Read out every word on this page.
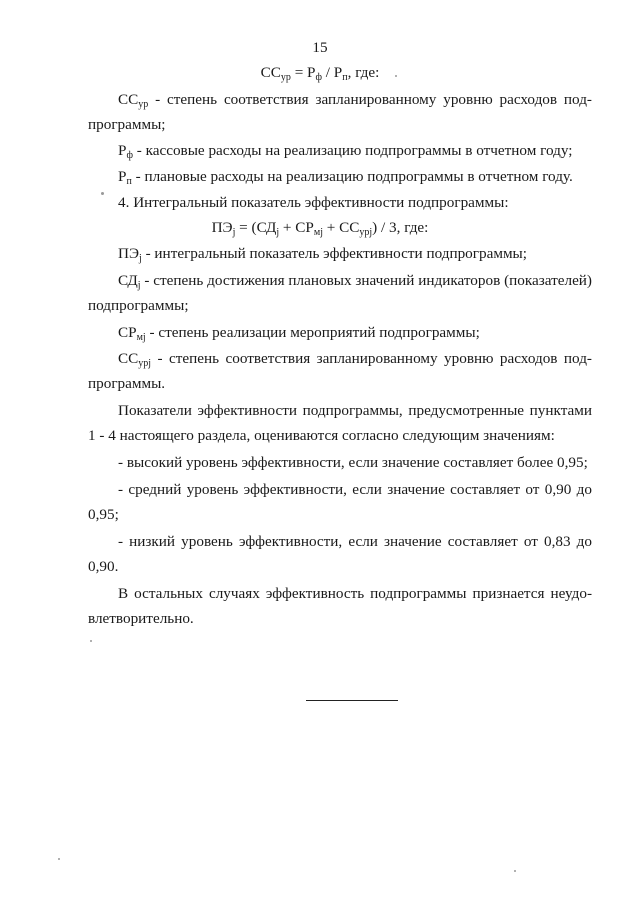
15
$СС_{ур} = Р_ф / Р_п$, где:
$СС_{ур}$ - степень соответствия запланированному уровню расходов под-
программы;
$Р_ф$ - кассовые расходы на реализацию подпрограммы в отчетном году;
$Р_п$ - плановые расходы на реализацию подпрограммы в отчетном году.
4. Интегральный показатель эффективности подпрограммы:
$ПЭ_j = (СД_j + СР_{мj} + СС_{урj}) / 3$, где:
$ПЭ_j$ - интегральный показатель эффективности подпрограммы;
$СД_j$ - степень достижения плановых значений индикаторов (показателей)
подпрограммы;
$СР_{мj}$ - степень реализации мероприятий подпрограммы;
$СС_{урj}$ - степень соответствия запланированному уровню расходов под-
программы.
Показатели эффективности подпрограммы, предусмотренные пунктами
1 - 4 настоящего раздела, оцениваются согласно следующим значениям:
- высокий уровень эффективности, если значение составляет более 0,95;
- средний уровень эффективности, если значение составляет от 0,90 до
0,95;
- низкий уровень эффективности, если значение составляет от 0,83 до
0,90.
В остальных случаях эффективность подпрограммы признается неудо-
влетворительно.
